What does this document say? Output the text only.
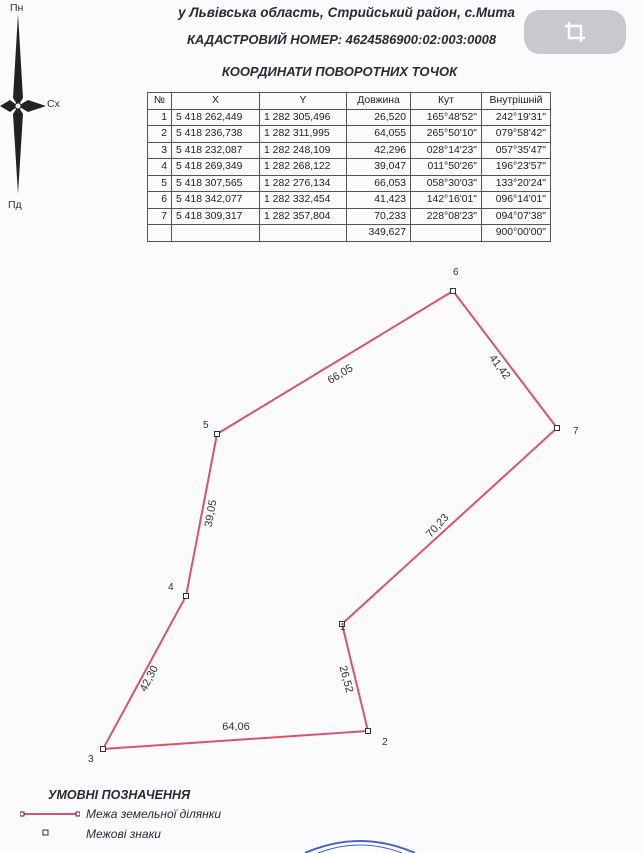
у Львівська область, Стрийський район, с.Мита
КАДАСТРОВИЙ НОМЕР: 4624586900:02:003:0008
КООРДИНАТИ ПОВОРОТНИХ ТОЧОК
Пн
Сх
Пд
№	X	Y	Довжина	Кут	Внутрішній
1	5 418 262,449	1 282 305,496	26,520	165°48'52"	242°19'31"
2	5 418 236,738	1 282 311,995	64,055	265°50'10"	079°58'42"
3	5 418 232,087	1 282 248,109	42,296	028°14'23"	057°35'47"
4	5 418 269,349	1 282 268,122	39,047	011°50'26"	196°23'57"
5	5 418 307,565	1 282 276,134	66,053	058°30'03"	133°20'24"
6	5 418 342,077	1 282 332,454	41,423	142°16'01"	096°14'01"
7	5 418 309,317	1 282 357,804	70,233	228°08'23"	094°07'38"
			349,627		900°00'00"
1
2
3
4
5
6
7
26,52
64,06
42,30
39,05
66,05	41,42
70,23
УМОВНІ ПОЗНАЧЕННЯ
Межа земельної ділянки
Межові знаки
